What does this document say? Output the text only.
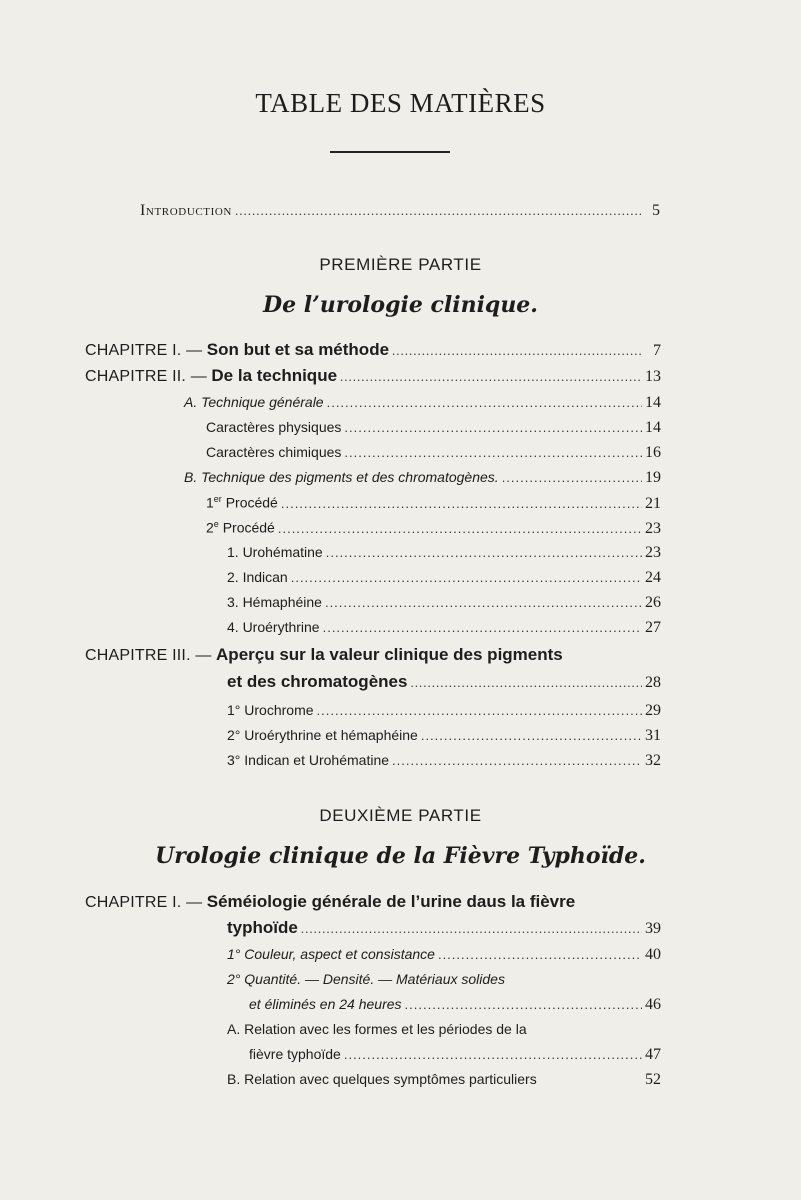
TABLE DES MATIÈRES
Introduction .....	5
PREMIÈRE PARTIE
De l’urologie clinique.
CHAPITRE I. — Son but et sa méthode .....	7
CHAPITRE II. — De la technique .....	13
A. Technique générale .....	14
Caractères physiques .....	14
Caractères chimiques .....	16
B. Technique des pigments et des chromatogènes. .....	19
1er Procédé .....	21
2e Procédé .....	23
1. Urohématine .....	23
2. Indican .....	24
3. Hémaphéine .....	26
4. Uroérythrine .....	27
CHAPITRE III. — Aperçu sur la valeur clinique des pigments
et des chromatogènes .....	28
1° Urochrome .....	29
2° Uroérythrine et hémaphéine .....	31
3° Indican et Urohématine .....	32
DEUXIÈME PARTIE
Urologie clinique de la Fièvre Typhoïde.
CHAPITRE I. — Séméiologie générale de l’urine daus la fièvre
typhoïde .....	39
1° Couleur, aspect et consistance .....	40
2° Quantité. — Densité. — Matériaux solides
et éliminés en 24 heures .....	46
A. Relation avec les formes et les périodes de la
fièvre typhoïde .....	47
B. Relation avec quelques symptômes particuliers	52
